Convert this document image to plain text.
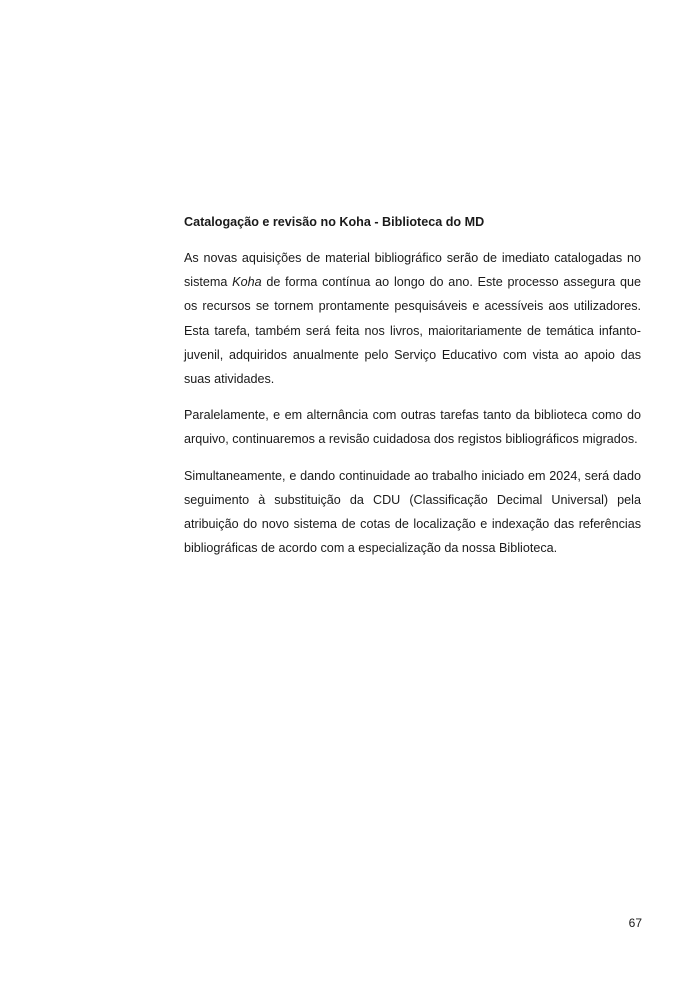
Catalogação e revisão no Koha - Biblioteca do MD

As novas aquisições de material bibliográfico serão de imediato catalogadas no sistema Koha de forma contínua ao longo do ano. Este processo assegura que os recursos se tornem prontamente pesquisáveis e acessíveis aos utilizadores. Esta tarefa, também será feita nos livros, maioritariamente de temática infanto-juvenil, adquiridos anualmente pelo Serviço Educativo com vista ao apoio das suas atividades.

Paralelamente, e em alternância com outras tarefas tanto da biblioteca como do arquivo, continuaremos a revisão cuidadosa dos registos bibliográficos migrados.

Simultaneamente, e dando continuidade ao trabalho iniciado em 2024, será dado seguimento à substituição da CDU (Classificação Decimal Universal) pela atribuição do novo sistema de cotas de localização e indexação das referências bibliográficas de acordo com a especialização da nossa Biblioteca.

67
